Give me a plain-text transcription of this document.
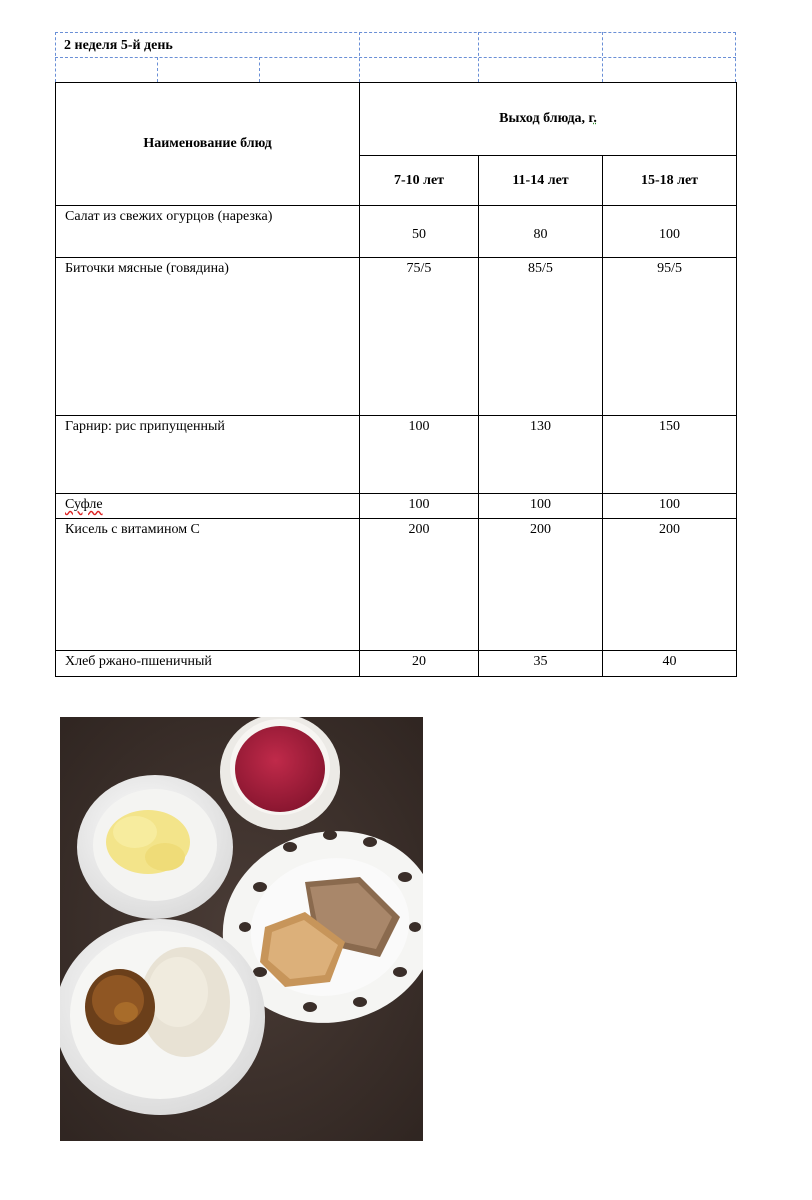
2 неделя 5-й день
Наименование блюд	Выход блюда, г.		
	7-10 лет	11-14 лет	15-18 лет
Салат из свежих огурцов (нарезка)	50	80	100
Биточки мясные (говядина)	75/5	85/5	95/5
Гарнир: рис припущенный	100	130	150
Суфле	100	100	100
Кисель с витамином С	200	200	200
Хлеб ржано-пшеничный	20	35	40
